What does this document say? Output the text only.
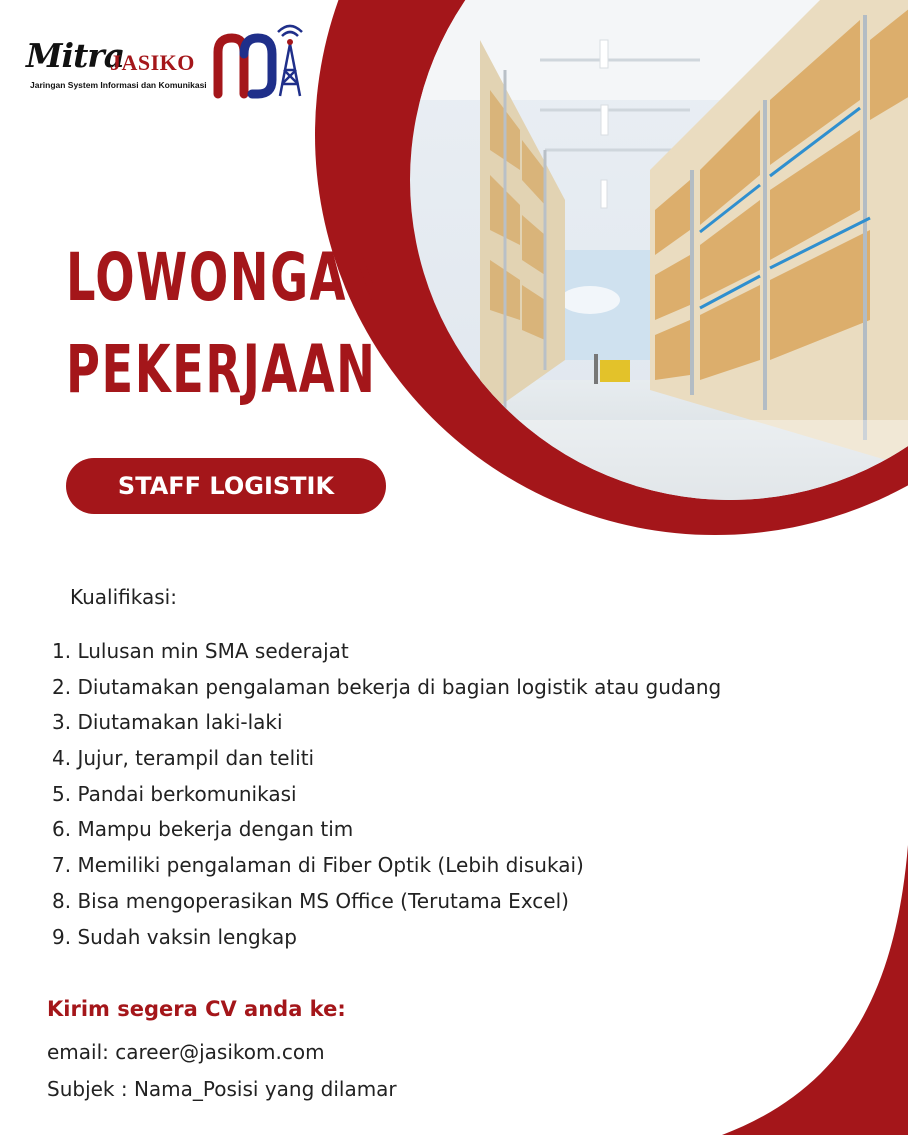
Mitra
JASIKO
Jaringan System Informasi dan Komunikasi
LOWONGAN
PEKERJAAN
STAFF LOGISTIK
Kualifikasi:
1. Lulusan min SMA sederajat
2. Diutamakan pengalaman bekerja di bagian logistik atau gudang
3. Diutamakan laki-laki
4. Jujur, terampil dan teliti
5. Pandai berkomunikasi
6. Mampu bekerja dengan tim
7. Memiliki pengalaman di Fiber Optik (Lebih disukai)
8. Bisa mengoperasikan MS Office (Terutama Excel)
9. Sudah vaksin lengkap
Kirim segera CV anda ke:
email: career@jasikom.com
Subjek : Nama_Posisi yang dilamar
